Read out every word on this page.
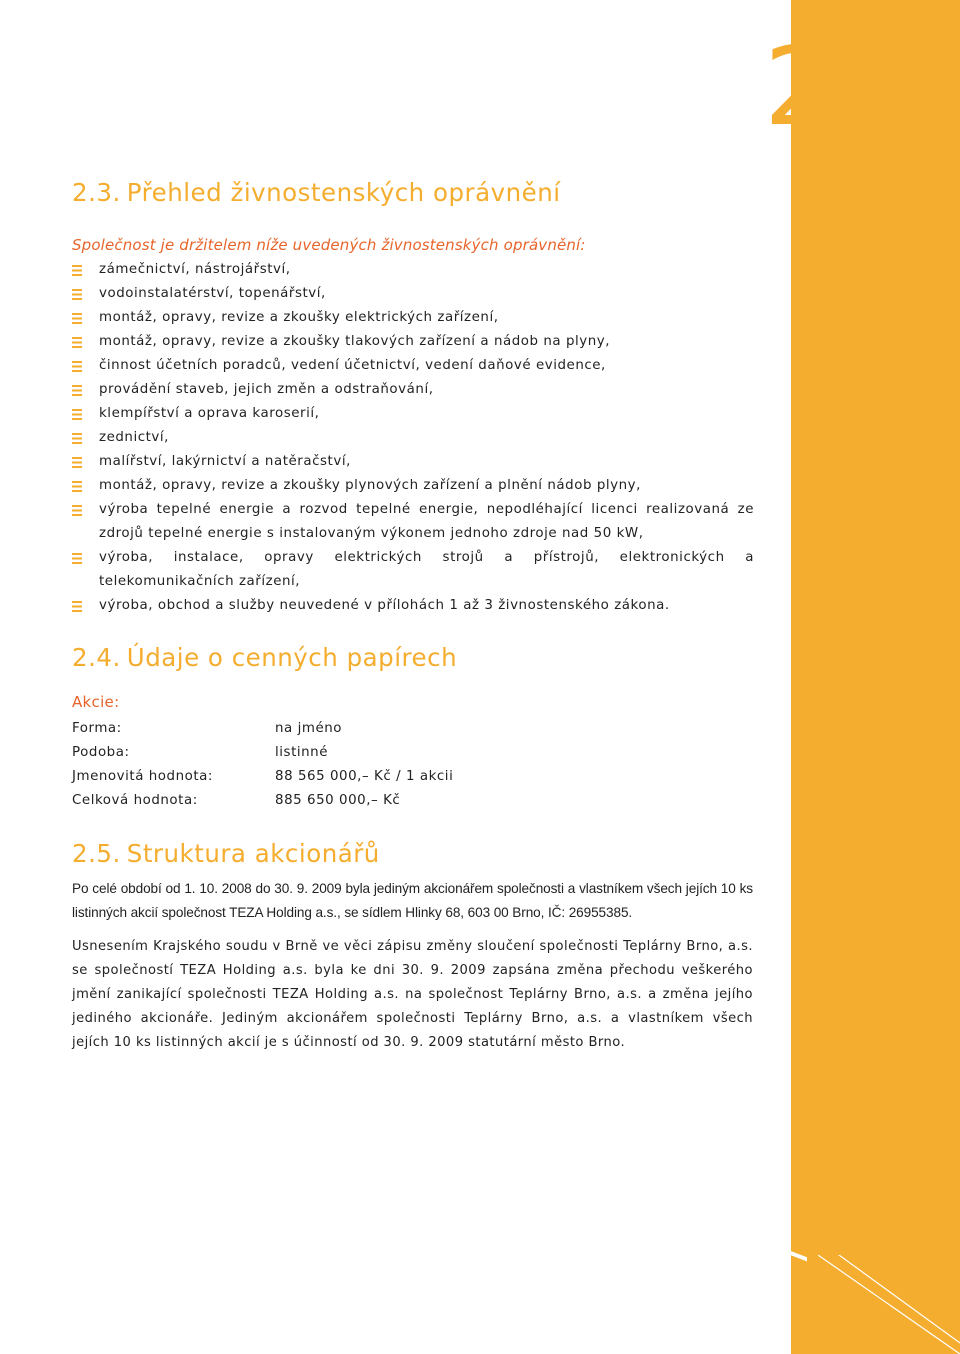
2
7
2.3. Přehled živnostenských oprávnění
Společnost je držitelem níže uvedených živnostenských oprávnění:
zámečnictví, nástrojářství,
vodoinstalatérství, topenářství,
montáž, opravy, revize a zkoušky elektrických zařízení,
montáž, opravy, revize a zkoušky tlakových zařízení a nádob na plyny,
činnost účetních poradců, vedení účetnictví, vedení daňové evidence,
provádění staveb, jejich změn a odstraňování,
klempířství a oprava karoserií,
zednictví,
malířství, lakýrnictví a natěračství,
montáž, opravy, revize a zkoušky plynových zařízení a plnění nádob plyny,
výroba tepelné energie a rozvod tepelné energie, nepodléhající licenci realizovaná ze zdrojů tepelné energie s instalovaným výkonem jednoho zdroje nad 50 kW,
výroba, instalace, opravy elektrických strojů a přístrojů, elektronických a telekomunikačních zařízení,
výroba, obchod a služby neuvedené v přílohách 1 až 3 živnostenského zákona.
2.4. Údaje o cenných papírech
Akcie:
Forma:	na jméno
Podoba:	listinné
Jmenovitá hodnota:	88 565 000,– Kč / 1 akcii
Celková hodnota:	885 650 000,– Kč
2.5. Struktura akcionářů

Po celé období od 1. 10. 2008 do 30. 9. 2009 byla jediným akcionářem společnosti a vlastníkem všech jejích 10 ks listinných akcií společnost TEZA Holding a.s., se sídlem Hlinky 68, 603 00 Brno, IČ: 26955385.

Usnesením Krajského soudu v Brně ve věci zápisu změny sloučení společnosti Teplárny Brno, a.s. se společností TEZA Holding a.s. byla ke dni 30. 9. 2009 zapsána změna přechodu veškerého jmění zanikající společnosti TEZA Holding a.s. na společnost Teplárny Brno, a.s. a změna jejího jediného akcionáře. Jediným akcionářem společnosti Teplárny Brno, a.s. a vlastníkem všech jejích 10 ks listinných akcií je s účinností od 30. 9. 2009 statutární město Brno.
